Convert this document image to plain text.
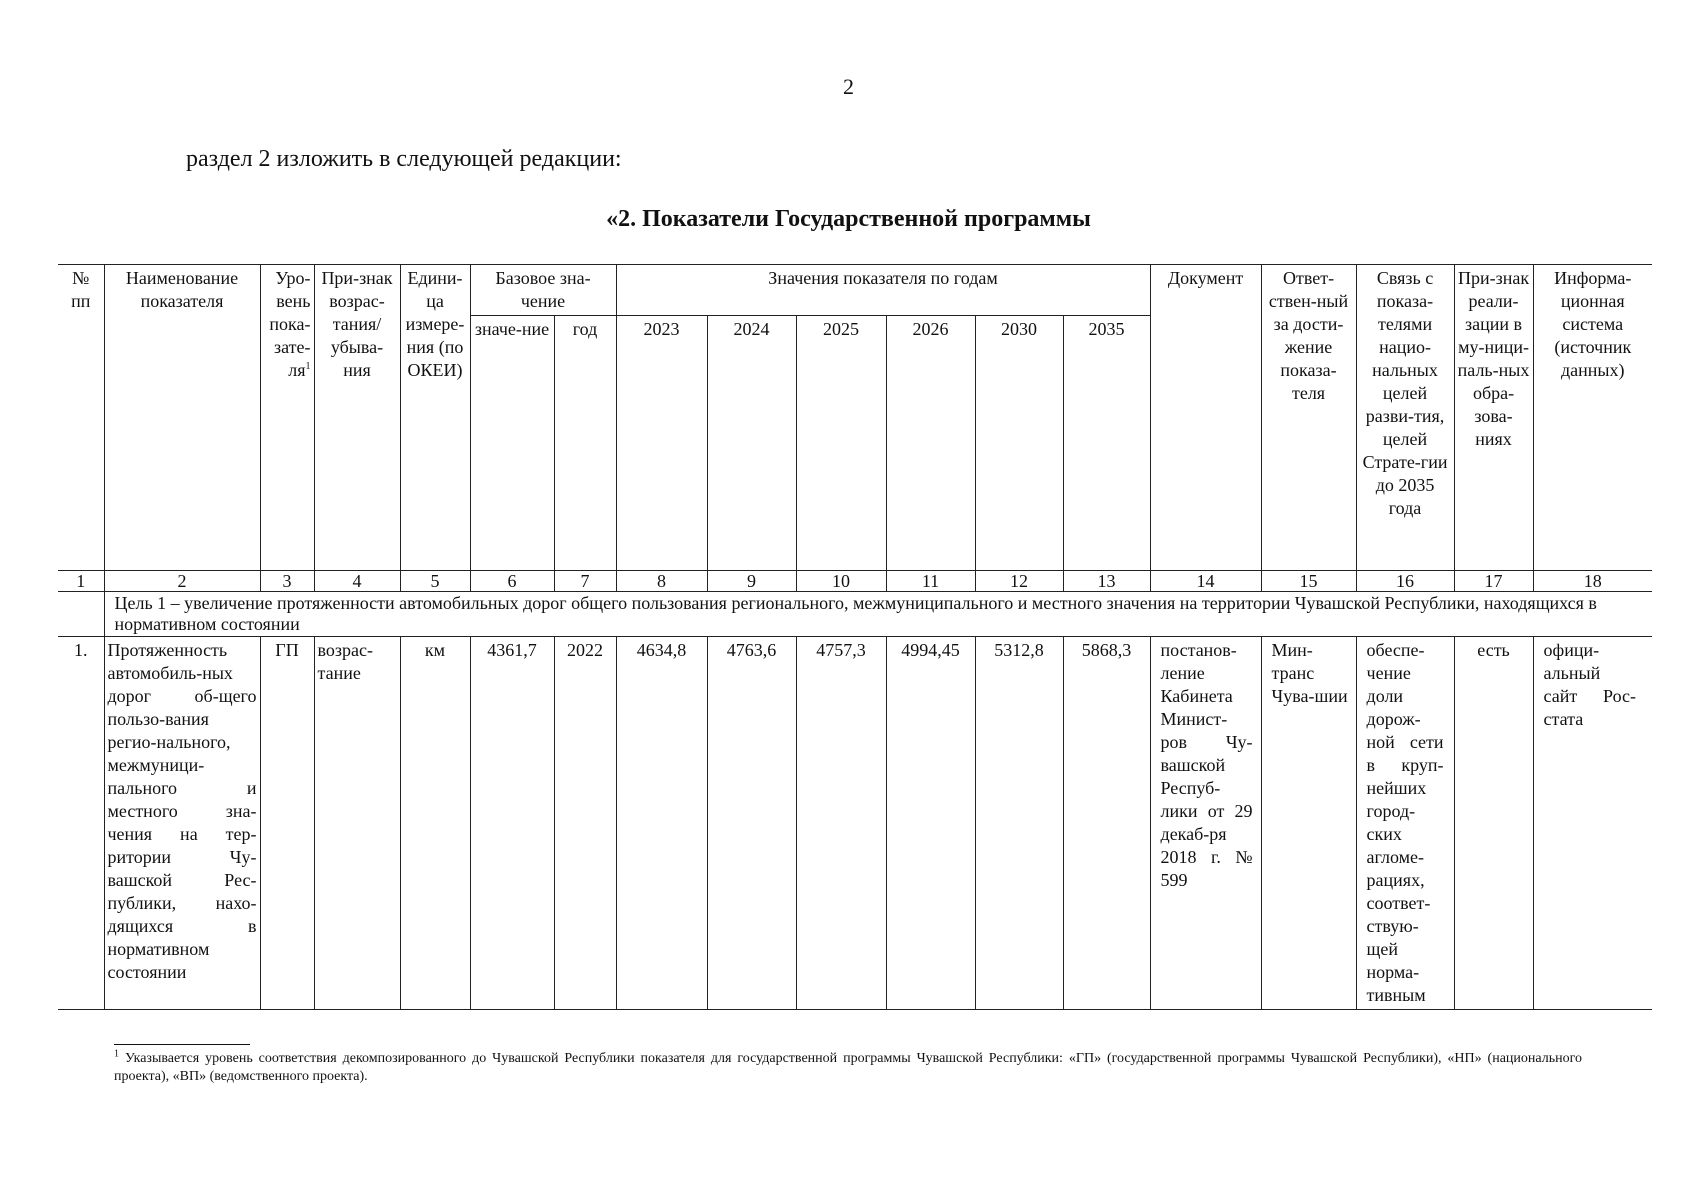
2
раздел 2 изложить в следующей редакции:
«2. Показатели Государственной программы
№ пп	Наименование показателя	Уро-вень пока-$зате-ля^1$	При-знак возрас-тания/ убыва-ния	Едини-ца измере-ния (по ОКЕИ)	Базовое зна-чение		Значения показателя по годам						Документ	Ответ-ствен-ный за дости-жение показа-теля	Связь с показа-телями нацио-нальных целей разви-тия, целей Страте-гии до 2035 года	При-знак реали-зации в му-ници-паль-ных обра-зова-ниях	Информа-ционная система (источник данных)
					значе-ние	год	2023	2024	2025	2026	2030	2035					
1	2	3	4	5	6	7	8	9	10	11	12	13	14	15	16	17	18
	Цель 1 – увеличение протяженности автомобильных дорог общего пользования регионального, межмуниципального и местного значения на территории Чувашской Республики, находящихся в нормативном состоянии																
1.	Протяженность автомобиль-ных дорог об-щего пользо-вания регио-нального, межмуници-пального и местного зна-чения на тер-ритории Чу-вашской Рес-публики, нахо-дящихся в нормативном состоянии	ГП	возрас-тание	км	4361,7	2022	4634,8	4763,6	4757,3	4994,45	5312,8	5868,3	постанов-ление Кабинета Минист-ров Чу-вашской Респуб-лики от 29 декаб-ря 2018 г. № 599	Мин-транс Чува-шии	обеспе-чение доли дорож-ной сети в круп-нейших город-ских агломе-рациях, соответ-ствую-щей норма-тивным	есть	офици-альный сайт Рос-стата
$^1$ Указывается уровень соответствия декомпозированного до Чувашской Республики показателя для государственной программы Чувашской Республики: «ГП» (государственной программы Чувашской Республики), «НП» (национального проекта), «ВП» (ведомственного проекта).
